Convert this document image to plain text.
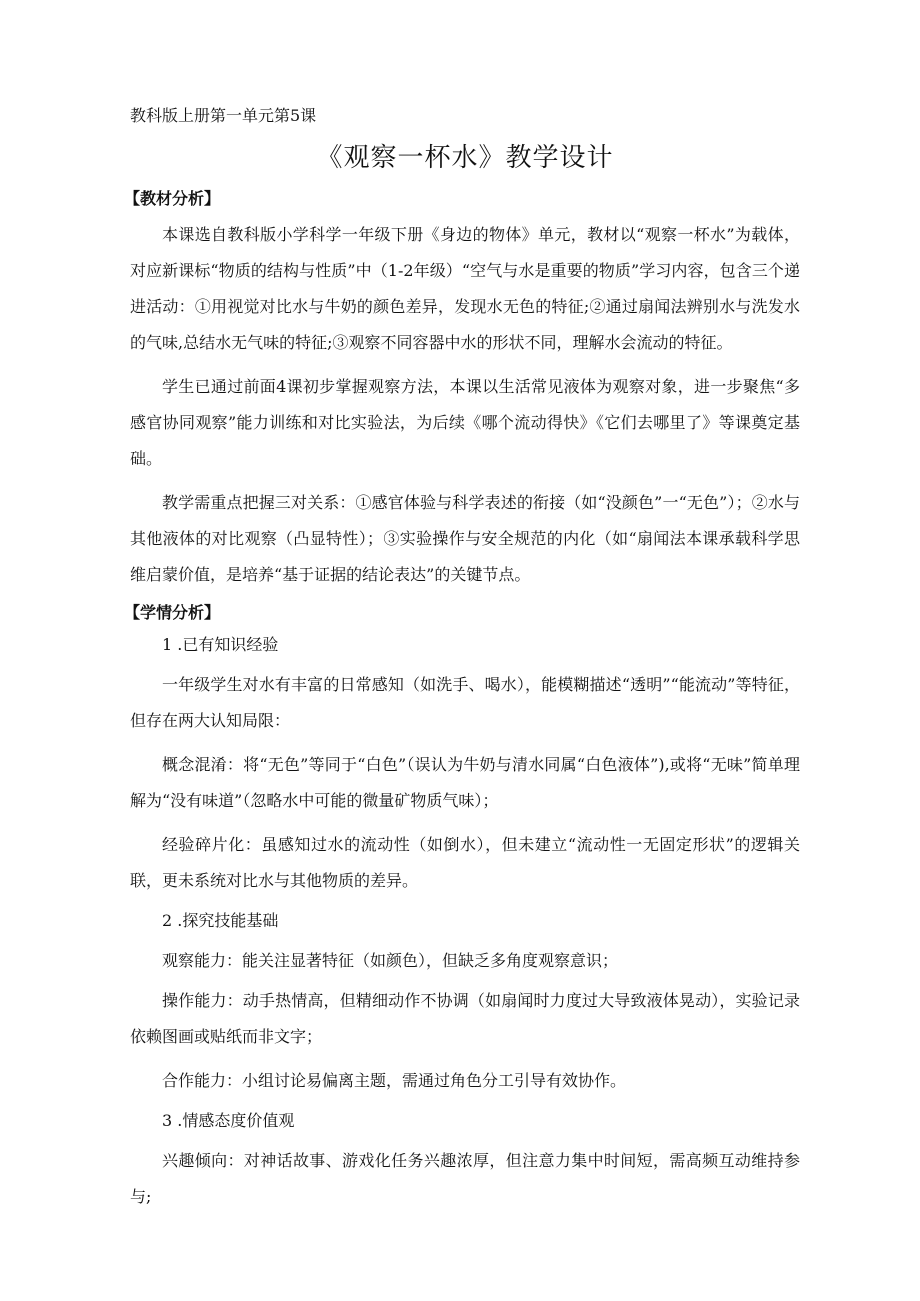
教科版上册第一单元第5课
《观察一杯水》教学设计
【教材分析】

本课选自教科版小学科学一年级下册《身边的物体》单元，教材以“观察一杯水”为载体，对应新课标“物质的结构与性质”中（1-2年级）“空气与水是重要的物质”学习内容，包含三个递进活动：①用视觉对比水与牛奶的颜色差异，发现水无色的特征;②通过扇闻法辨别水与洗发水的气味,总结水无气味的特征;③观察不同容器中水的形状不同，理解水会流动的特征。

学生已通过前面4课初步掌握观察方法，本课以生活常见液体为观察对象，进一步聚焦“多感官协同观察”能力训练和对比实验法，为后续《哪个流动得快》《它们去哪里了》等课奠定基础。

教学需重点把握三对关系：①感官体验与科学表述的衔接（如“没颜色”一“无色”）；②水与其他液体的对比观察（凸显特性）；③实验操作与安全规范的内化（如“扇闻法本课承载科学思维启蒙价值，是培养“基于证据的结论表达”的关键节点。

【学情分析】
1 .已有知识经验

一年级学生对水有丰富的日常感知（如洗手、喝水），能模糊描述“透明”“能流动”等特征，但存在两大认知局限：

概念混淆：将“无色”等同于“白色”（误认为牛奶与清水同属“白色液体”),或将“无味”简单理解为“没有味道”（忽略水中可能的微量矿物质气味）；

经验碎片化：虽感知过水的流动性（如倒水），但未建立“流动性一无固定形状”的逻辑关联，更未系统对比水与其他物质的差异。

2 .探究技能基础

观察能力：能关注显著特征（如颜色），但缺乏多角度观察意识；

操作能力：动手热情高，但精细动作不协调（如扇闻时力度过大导致液体晃动），实验记录依赖图画或贴纸而非文字；

合作能力：小组讨论易偏离主题，需通过角色分工引导有效协作。

3 .情感态度价值观

兴趣倾向：对神话故事、游戏化任务兴趣浓厚，但注意力集中时间短，需高频互动维持参与;
